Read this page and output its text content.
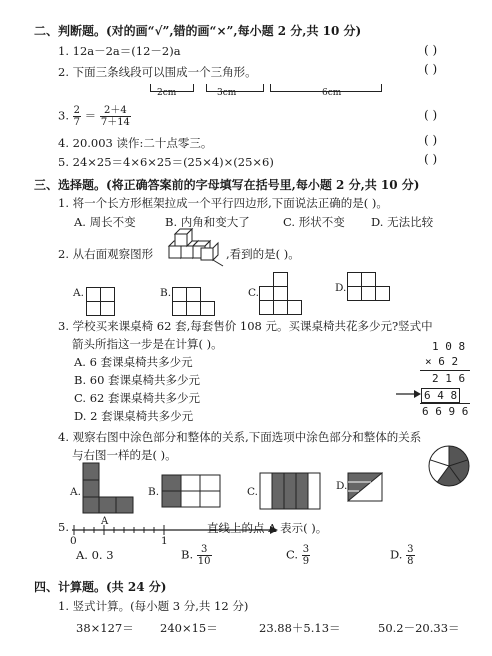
二、判断题。(对的画“√”,错的画“×”,每小题 2 分,共 10 分)
1. 12a－2a＝(12－2)a	( )
2. 下面三条线段可以围成一个三角形。	( )
2cm	3cm	6cm
3. $\frac{2}{7} = \frac{2+4}{7+14}$	( )
4. 20.003 读作:二十点零三。	( )
5. 24×25＝4×6×25＝(25×4)×(25×6)	( )
三、选择题。(将正确答案前的字母填写在括号里,每小题 2 分,共 10 分)
1. 将一个长方形框架拉成一个平行四边形,下面说法正确的是( )。
A. 周长不变	B. 内角和变大了	C. 形状不变 D. 无法比较
2. 从右面观察图形	,看到的是( )。
A.	B.	C.	D.
3. 学校买来课桌椅 62 套,每套售价 108 元。买课桌椅共花多少元?竖式中
箭头所指这一步是在计算( )。
A. 6 套课桌椅共多少元
B. 60 套课桌椅共多少元
C. 62 套课桌椅共多少元
D. 2 套课桌椅共多少元
1 0 8
× 6 2
2 1 6
6 4 8
6 6 9 6
4. 观察右图中涂色部分和整体的关系,下面选项中涂色部分和整体的关系
与右图一样的是( )。
A.	B.	C.	D.
5.	直线上的点 A 表示( )。
0
A
1
A. 0. 3	B. $\frac{3}{10}$	C. $\frac{3}{9}$	D. $\frac{3}{8}$
四、计算题。(共 24 分)
1. 竖式计算。(每小题 3 分,共 12 分)
38×127＝ 240×15＝	23.88＋5.13＝	50.2－20.33＝
